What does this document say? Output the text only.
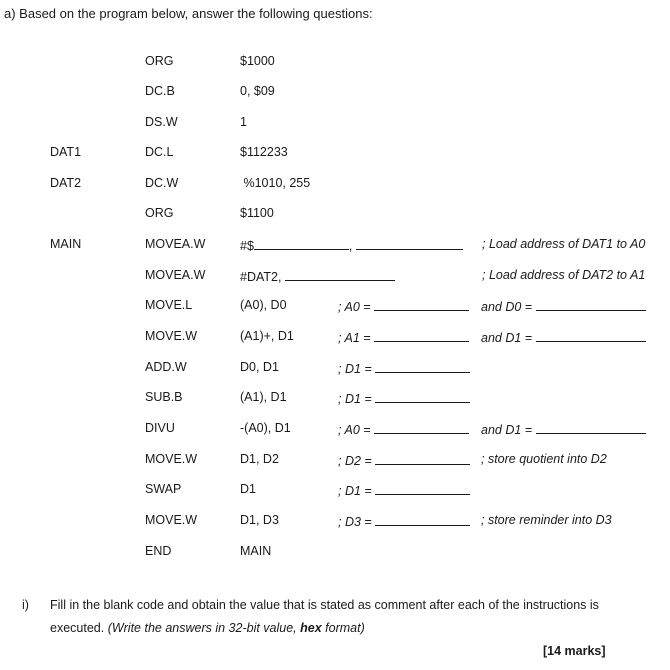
a) Based on the program below, answer the following questions:
ORG	$1000
DC.B	0, $09
DS.W	1
DAT1	DC.L	$112233
DAT2	DC.W	%1010, 255
ORG	$1100
MAIN	MOVEA.W	#$	,	; Load address of DAT1 to A0
MOVEA.W	#DAT2,	; Load address of DAT2 to A1
MOVE.L	(A0), D0	; A0 =	and D0 =
MOVE.W	(A1)+, D1	; A1 =	and D1 =
ADD.W	D0, D1	; D1 =
SUB.B	(A1), D1	; D1 =
DIVU	-(A0), D1	; A0 =	and D1 =
MOVE.W	D1, D2	; D2 =	; store quotient into D2
SWAP	D1	; D1 =
MOVE.W	D1, D3	; D3 =	; store reminder into D3
END	MAIN
i) Fill in the blank code and obtain the value that is stated as comment after each of the instructions is
executed. (Write the answers in 32-bit value, hex format)
[14 marks]
